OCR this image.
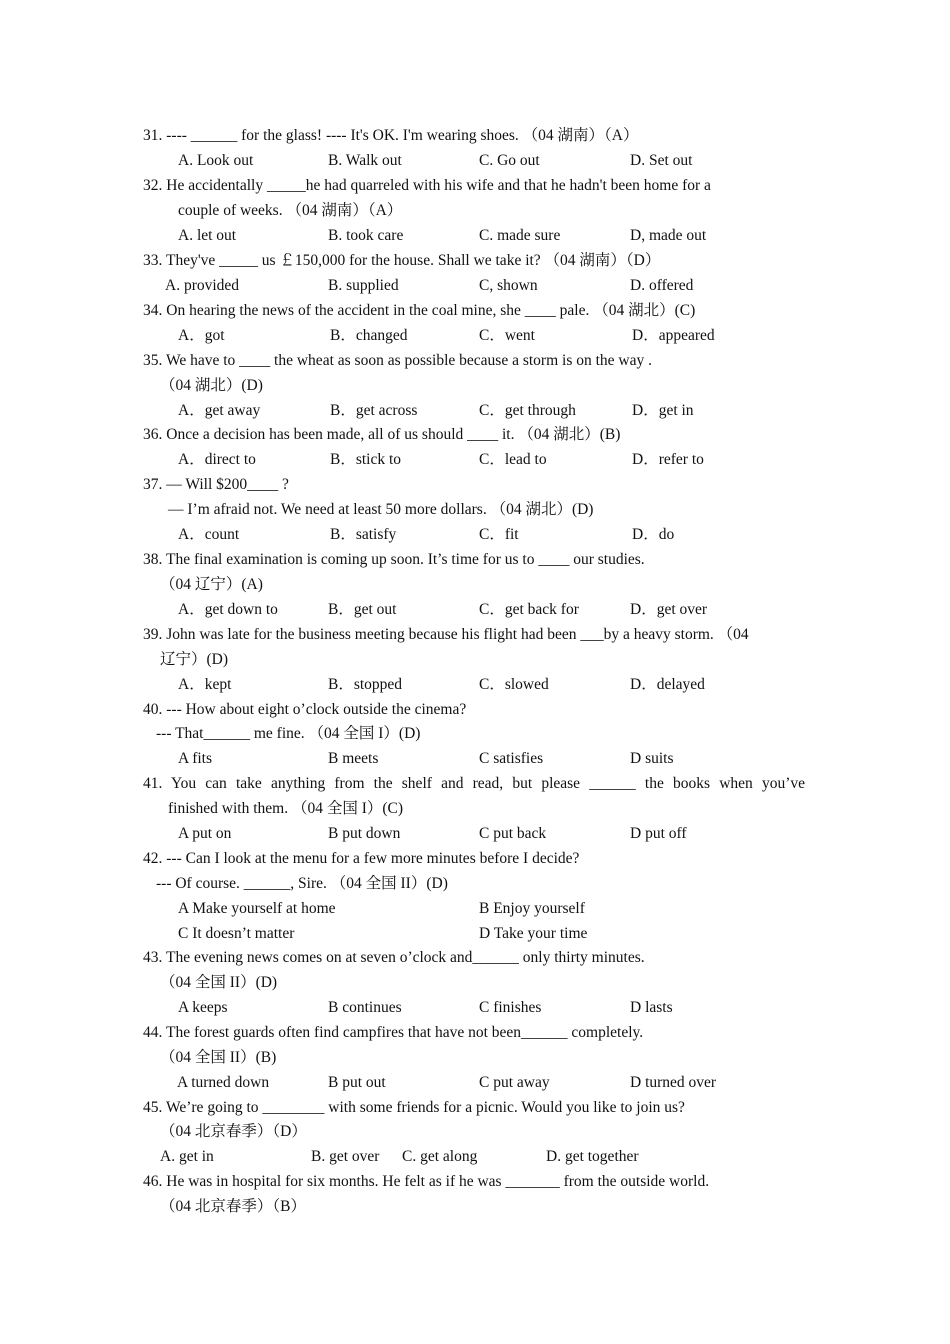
31. ---- ______ for the glass! ---- It's OK. I'm wearing shoes. （04 湖南）（A）
A. Look out	B. Walk out	C. Go out	D. Set out
32. He accidentally _____he had quarreled with his wife and that he hadn't been home for a
couple of weeks. （04 湖南）（A）
A. let out	B. took care	C. made sure	D, made out
33. They've _____ us ￡150,000 for the house. Shall we take it? （04 湖南）（D）
A. provided	B. supplied	C, shown	D. offered
34. On hearing the news of the accident in the coal mine, she ____ pale. （04 湖北）(C)
A．got	B．changed	C．went	D．appeared
35. We have to ____ the wheat as soon as possible because a storm is on the way .
（04 湖北）(D)
A．get away	B．get across	C．get through	D．get in
36. Once a decision has been made, all of us should ____ it. （04 湖北）(B)
A．direct to	B．stick to	C．lead to	D．refer to
37. — Will $200____ ?
— I’m afraid not. We need at least 50 more dollars. （04 湖北）(D)
A．count	B．satisfy	C．fit	D．do
38. The final examination is coming up soon. It’s time for us to ____ our studies.
（04 辽宁）(A)
A．get down to	B．get out	C．get back for	D．get over
39. John was late for the business meeting because his flight had been ___by a heavy storm. （04
辽宁）(D)
A．kept	B．stopped	C．slowed	D．delayed
40. --- How about eight o’clock outside the cinema?
--- That______ me fine. （04 全国 I）(D)
A fits	B meets	C satisfies	D suits
41. You can take anything from the shelf and read, but please ______ the books when you’ve
finished with them. （04 全国 I）(C)
A put on	B put down	C put back	D put off
42. --- Can I look at the menu for a few more minutes before I decide?
--- Of course. ______, Sire. （04 全国 II）(D)
A Make yourself at home	B Enjoy yourself
C It doesn’t matter	D Take your time
43. The evening news comes on at seven o’clock and______ only thirty minutes.
（04 全国 II）(D)
A keeps	B continues	C finishes	D lasts
44. The forest guards often find campfires that have not been______ completely.
（04 全国 II）(B)
A turned down	B put out	C put away	D turned over
45. We’re going to ________ with some friends for a picnic. Would you like to join us?
（04 北京春季）（D）
A. get in	B. get over C. get along	D. get together
46. He was in hospital for six months. He felt as if he was _______ from the outside world.
（04 北京春季）（B）
